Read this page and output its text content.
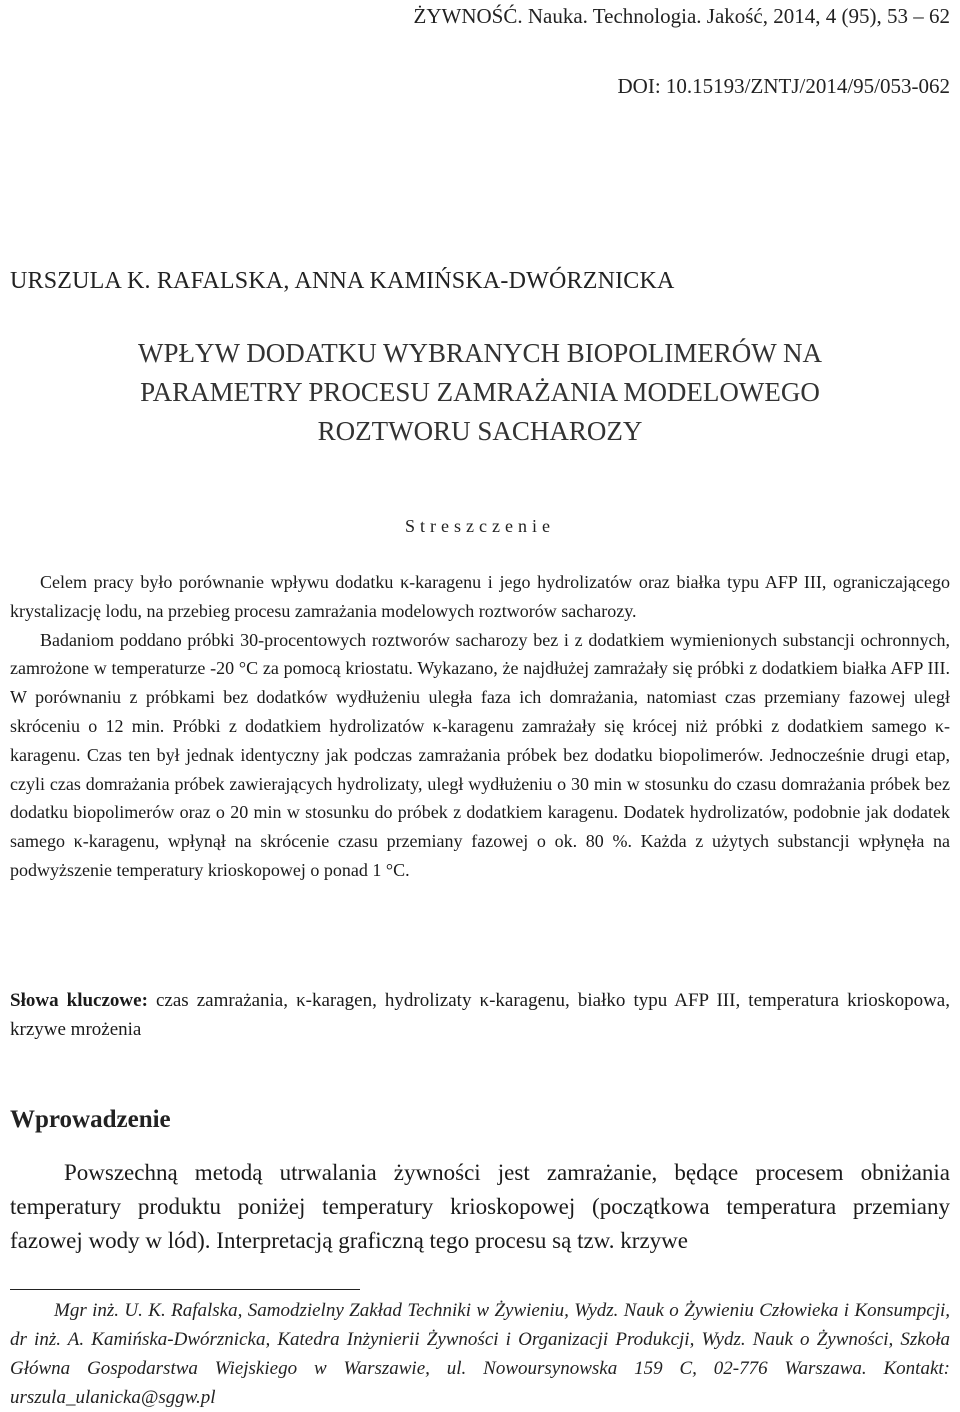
ŻYWNOŚĆ. Nauka. Technologia. Jakość, 2014, 4 (95), 53 – 62
DOI: 10.15193/ZNTJ/2014/95/053-062
URSZULA K. RAFALSKA, ANNA KAMIŃSKA-DWÓRZNICKA
WPŁYW DODATKU WYBRANYCH BIOPOLIMERÓW NA
PARAMETRY PROCESU ZAMRAŻANIA MODELOWEGO
ROZTWORU SACHAROZY
Streszczenie

Celem pracy było porównanie wpływu dodatku κ-karagenu i jego hydrolizatów oraz białka typu AFP III, ograniczającego krystalizację lodu, na przebieg procesu zamrażania modelowych roztworów sacharozy.

Badaniom poddano próbki 30-procentowych roztworów sacharozy bez i z dodatkiem wymienionych substancji ochronnych, zamrożone w temperaturze -20 °C za pomocą kriostatu. Wykazano, że najdłużej zamrażały się próbki z dodatkiem białka AFP III. W porównaniu z próbkami bez dodatków wydłużeniu uległa faza ich domrażania, natomiast czas przemiany fazowej uległ skróceniu o 12 min. Próbki z dodatkiem hydrolizatów κ-karagenu zamrażały się krócej niż próbki z dodatkiem samego κ-karagenu. Czas ten był jednak identyczny jak podczas zamrażania próbek bez dodatku biopolimerów. Jednocześnie drugi etap, czyli czas domrażania próbek zawierających hydrolizaty, uległ wydłużeniu o 30 min w stosunku do czasu domrażania próbek bez dodatku biopolimerów oraz o 20 min w stosunku do próbek z dodatkiem karagenu. Dodatek hydrolizatów, podobnie jak dodatek samego κ-karagenu, wpłynął na skrócenie czasu przemiany fazowej o ok. 80 %. Każda z użytych substancji wpłynęła na podwyższenie temperatury krioskopowej o ponad 1 °C.

Słowa kluczowe: czas zamrażania, κ-karagen, hydrolizaty κ-karagenu, białko typu AFP III, temperatura krioskopowa, krzywe mrożenia
Wprowadzenie

Powszechną metodą utrwalania żywności jest zamrażanie, będące procesem obniżania temperatury produktu poniżej temperatury krioskopowej (początkowa temperatura przemiany fazowej wody w lód). Interpretacją graficzną tego procesu są tzw. krzywe

Mgr inż. U. K. Rafalska, Samodzielny Zakład Techniki w Żywieniu, Wydz. Nauk o Żywieniu Człowieka i Konsumpcji, dr inż. A. Kamińska-Dwórznicka, Katedra Inżynierii Żywności i Organizacji Produkcji, Wydz. Nauk o Żywności, Szkoła Główna Gospodarstwa Wiejskiego w Warszawie, ul. Nowoursynowska 159 C, 02-776 Warszawa. Kontakt: urszula_ulanicka@sggw.pl
